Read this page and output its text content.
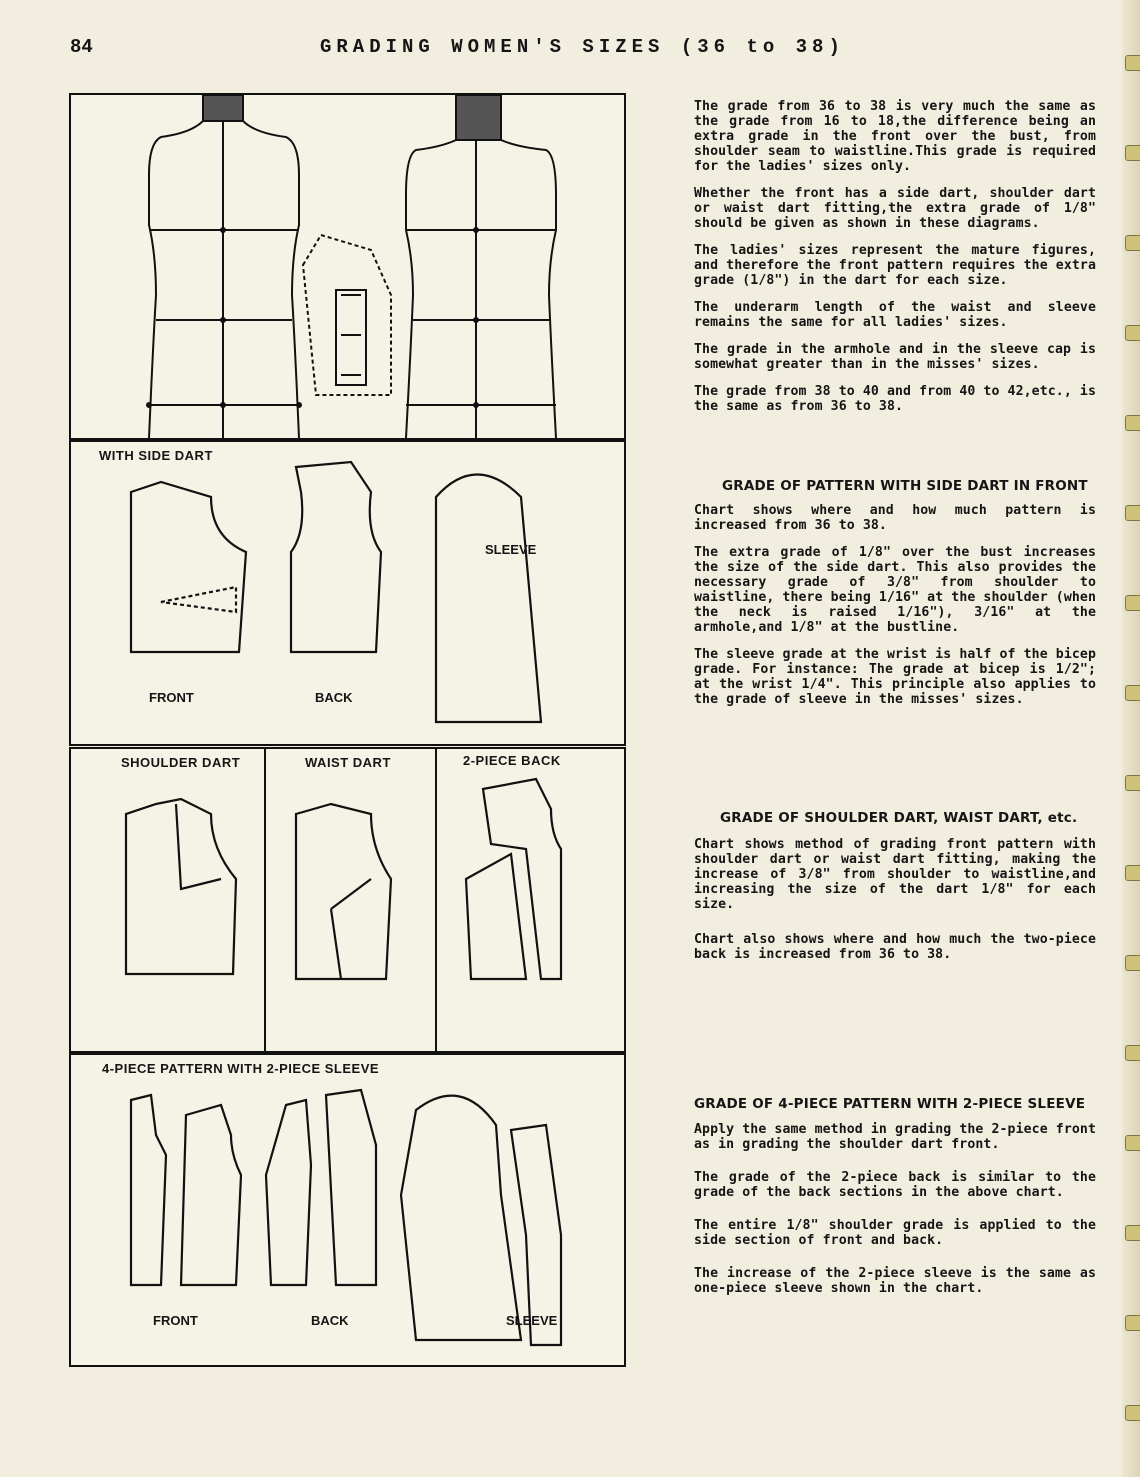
84	GRADING WOMEN'S SIZES (36 to 38)
WITH SIDE DART
FRONT	BACK
SLEEVE
SHOULDER DART	WAIST DART	2-PIECE BACK
4-PIECE PATTERN WITH 2-PIECE SLEEVE
FRONT	BACK	SLEEVE

The grade from 36 to 38 is very much the same as the grade from 16 to 18,the difference being an extra grade in the front over the bust, from shoulder seam to waistline.This grade is required for the ladies' sizes only.

Whether the front has a side dart, shoulder dart or waist dart fitting,the extra grade of 1/8" should be given as shown in these diagrams.

The ladies' sizes represent the mature figures, and therefore the front pattern requires the extra grade (1/8") in the dart for each size.

The underarm length of the waist and sleeve remains the same for all ladies' sizes.

The grade in the armhole and in the sleeve cap is somewhat greater than in the misses' sizes.

The grade from 38 to 40 and from 40 to 42,etc., is the same as from 36 to 38.

GRADE OF PATTERN WITH SIDE DART IN FRONT

Chart shows where and how much pattern is increased from 36 to 38.

The extra grade of 1/8" over the bust increases the size of the side dart. This also provides the necessary grade of 3/8" from shoulder to waistline, there being 1/16" at the shoulder (when the neck is raised 1/16"), 3/16" at the armhole,and 1/8" at the bustline.

The sleeve grade at the wrist is half of the bicep grade. For instance: The grade at bicep is 1/2"; at the wrist 1/4". This principle also applies to the grade of sleeve in the misses' sizes.

GRADE OF SHOULDER DART, WAIST DART, etc.

Chart shows method of grading front pattern with shoulder dart or waist dart fitting, making the increase of 3/8" from shoulder to waistline,and increasing the size of the dart 1/8" for each size.

Chart also shows where and how much the two-piece back is increased from 36 to 38.

GRADE OF 4-PIECE PATTERN WITH 2-PIECE SLEEVE

Apply the same method in grading the 2-piece front as in grading the shoulder dart front.

The grade of the 2-piece back is similar to the grade of the back sections in the above chart.

The entire 1/8" shoulder grade is applied to the side section of front and back.

The increase of the 2-piece sleeve is the same as one-piece sleeve shown in the chart.
